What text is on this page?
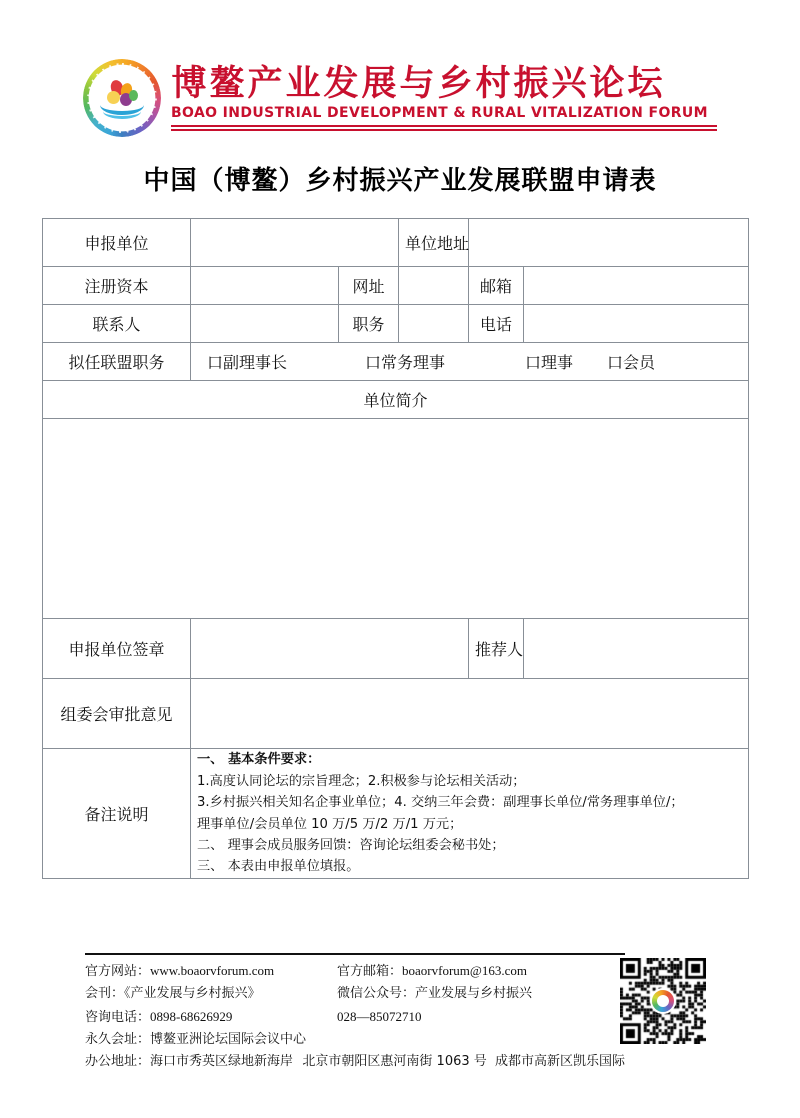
博鳌产业发展与乡村振兴论坛
BOAO INDUSTRIAL DEVELOPMENT & RURAL VITALIZATION FORUM
中国（博鳌）乡村振兴产业发展联盟申请表
申报单位			单位地址		
注册资本		网址		邮箱	
联系人		职务		电话	
拟任联盟职务	口副理事长 口常务理事 口理事 口会员				

单位简介					

申报单位签章				推荐人	
组委会审批意见					
备注说明	
一、 基本条件要求：
1.高度认同论坛的宗旨理念；2.积极参与论坛相关活动；
3.乡村振兴相关知名企事业单位；4. 交纳三年会费：副理事长单位/常务理事单位/；
理事单位/会员单位 10 万/5 万/2 万/1 万元；
二、 理事会成员服务回馈：咨询论坛组委会秘书处；
三、 本表由申报单位填报。
官方网站：www.boaorvforum.com	官方邮箱：boaorvforum@163.com
会刊：《产业发展与乡村振兴》	微信公众号：产业发展与乡村振兴
咨询电话：0898-68626929	028—85072710
永久会址： 博鳌亚洲论坛国际会议中心
办公地址： 海口市秀英区绿地新海岸 北京市朝阳区惠河南街 1063 号 成都市高新区凯乐国际
